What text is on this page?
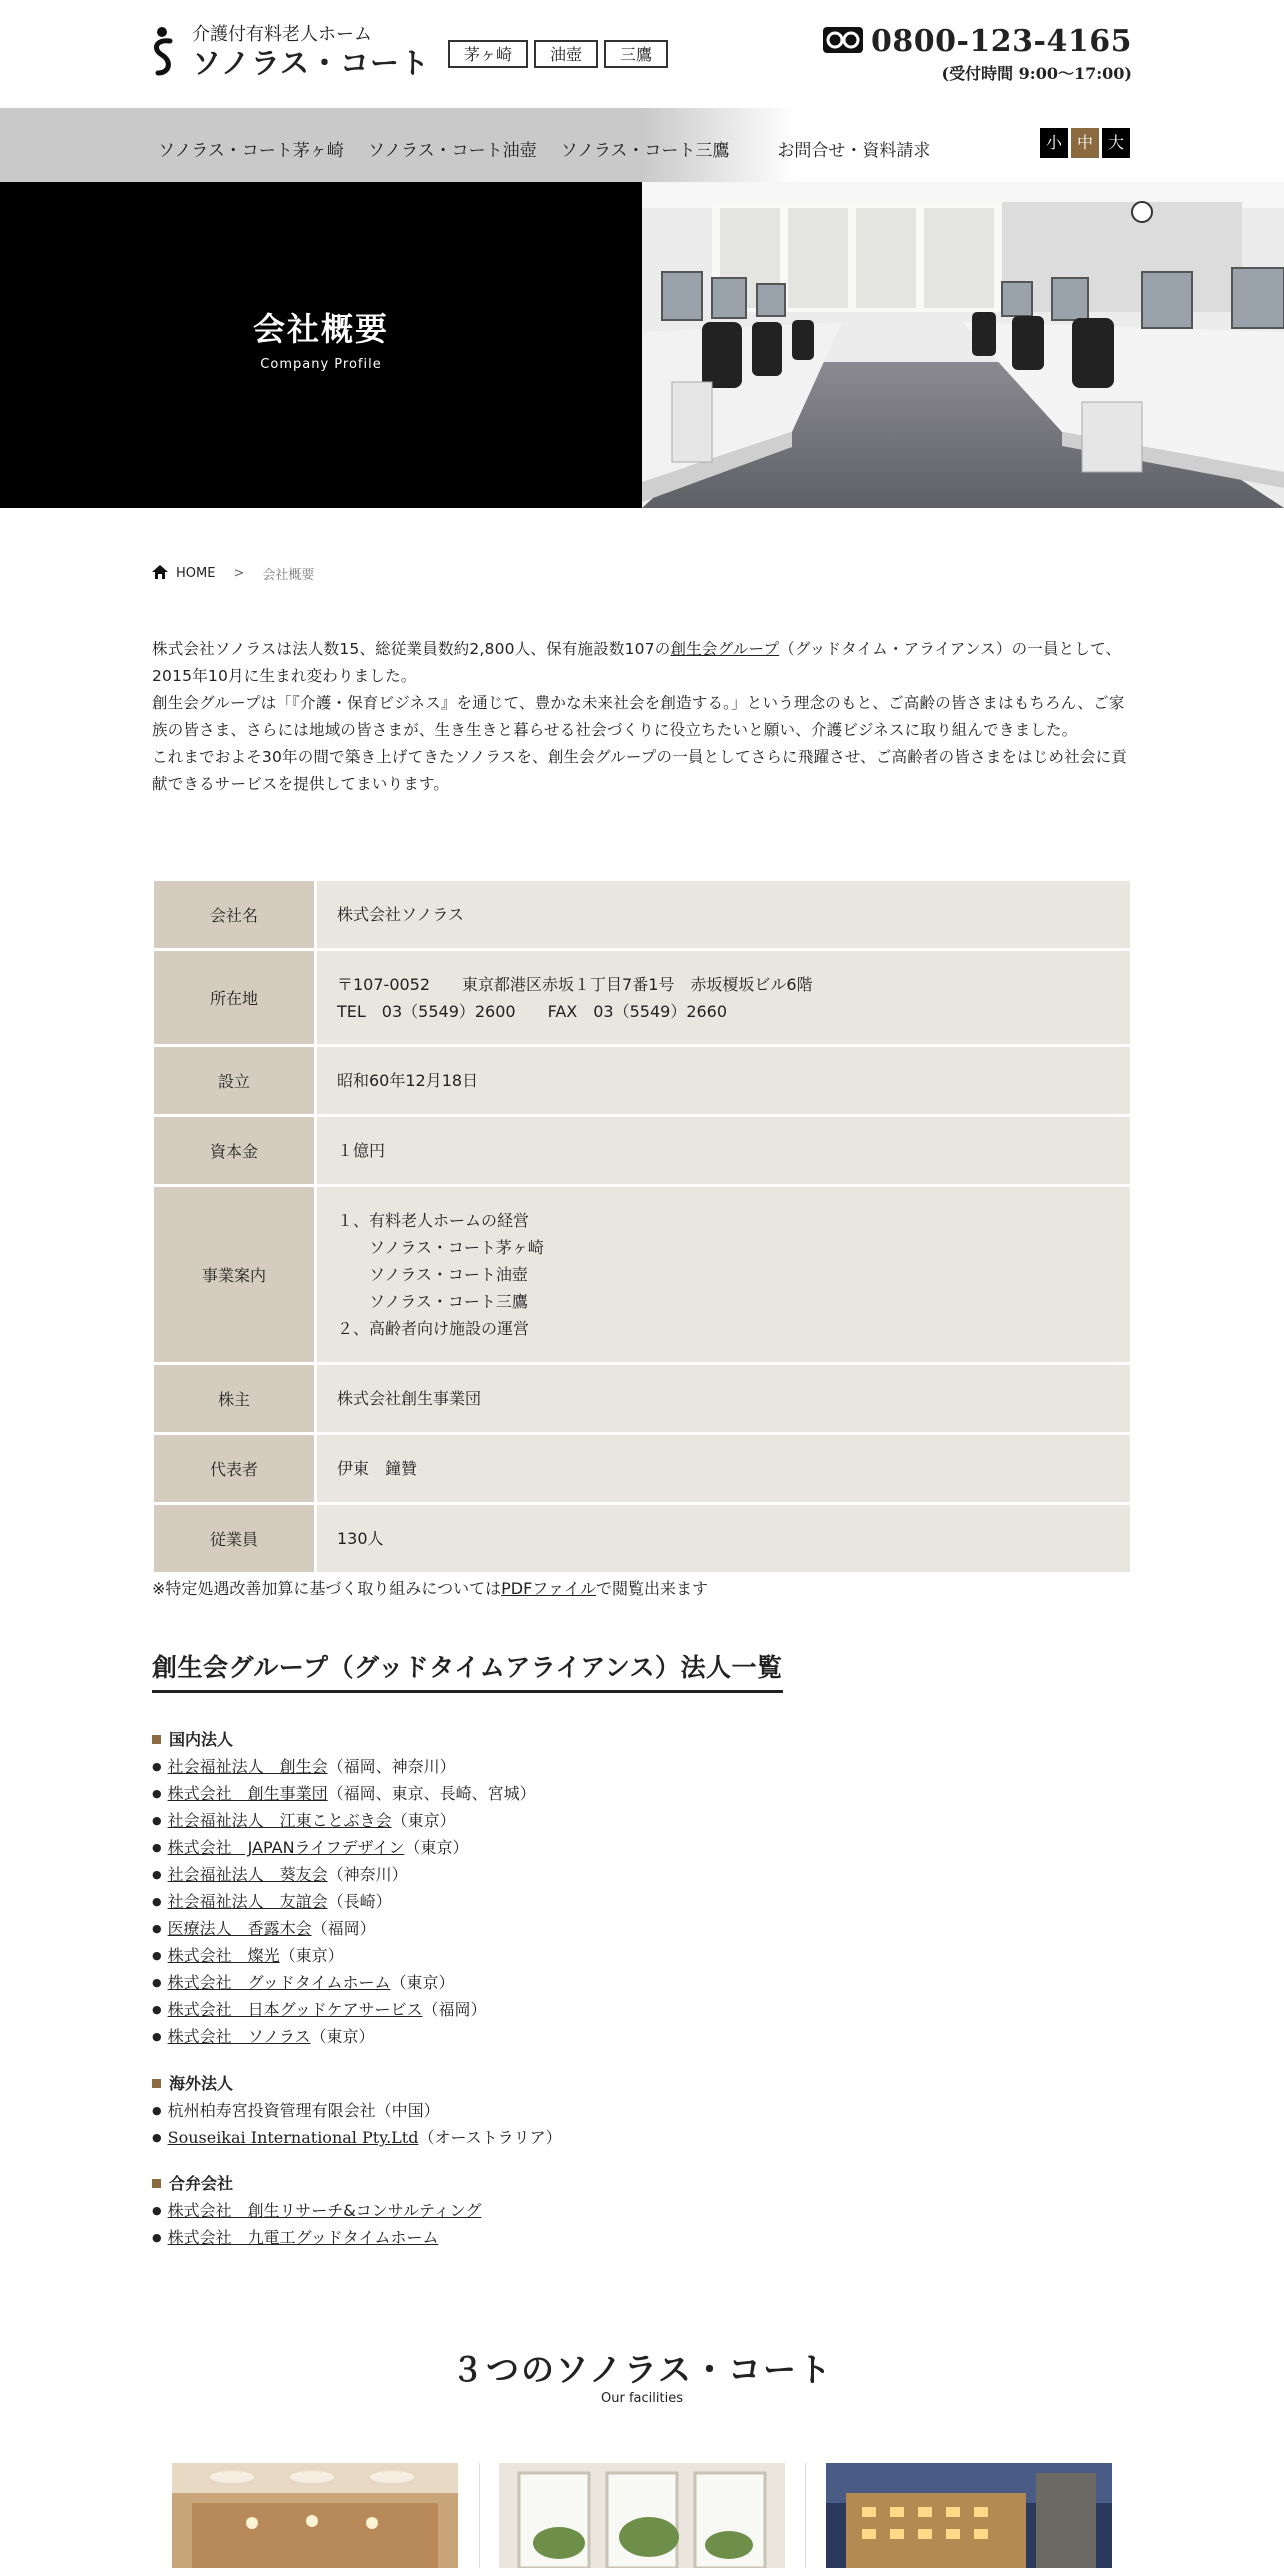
介護付有料老人ホーム
ソノラス・コート	茅ヶ崎	油壺	三鷹	0800-123-4165
(受付時間 9:00〜17:00)
ソノラス・コート茅ヶ崎 ソノラス・コート油壺 ソノラス・コート三鷹	お問合せ・資料請求	小 中 大
会社概要
Company Profile
HOME > 会社概要

株式会社ソノラスは法人数15、総従業員数約2,800人、保有施設数107の創生会グループ（グッドタイム・アライアンス）の一員として、2015年10月に生まれ変わりました。

創生会グループは「『介護・保育ビジネス』を通じて、豊かな未来社会を創造する。」という理念のもと、ご高齢の皆さまはもちろん、ご家族の皆さま、さらには地域の皆さまが、生き生きと暮らせる社会づくりに役立ちたいと願い、介護ビジネスに取り組んできました。

これまでおよそ30年の間で築き上げてきたソノラスを、創生会グループの一員としてさらに飛躍させ、ご高齢者の皆さまをはじめ社会に貢献できるサービスを提供してまいります。

会社名	株式会社ソノラス
所在地	〒107-0052　　東京都港区赤坂１丁目7番1号　赤坂榎坂ビル6階
TEL　03（5549）2600　　FAX　03（5549）2660

設立	昭和60年12月18日
資本金	１億円
事業案内	１、有料老人ホームの経営
　　ソノラス・コート茅ヶ崎
　　ソノラス・コート油壺
　　ソノラス・コート三鷹
２、高齢者向け施設の運営

株主	株式会社創生事業団
代表者	伊東　鐘贊
従業員	130人
※特定処遇改善加算に基づく取り組みについてはPDFファイルで閲覧出来ます
創生会グループ（グッドタイムアライアンス）法人一覧
国内法人
● 社会福祉法人　創生会（福岡、神奈川）
● 株式会社　創生事業団（福岡、東京、長崎、宮城）
● 社会福祉法人　江東ことぶき会（東京）
● 株式会社　JAPANライフデザイン（東京）
● 社会福祉法人　葵友会（神奈川）
● 社会福祉法人　友誼会（長崎）
● 医療法人　香露木会（福岡）
● 株式会社　燦光（東京）
● 株式会社　グッドタイムホーム（東京）
● 株式会社　日本グッドケアサービス（福岡）
● 株式会社　ソノラス（東京）
海外法人
● 杭州柏寿宮投資管理有限会社（中国）
● Souseikai International Pty.Ltd（オーストラリア）
合弁会社
● 株式会社　創生リサーチ&コンサルティング
● 株式会社　九電工グッドタイムホーム
３つのソノラス・コート
Our facilities
